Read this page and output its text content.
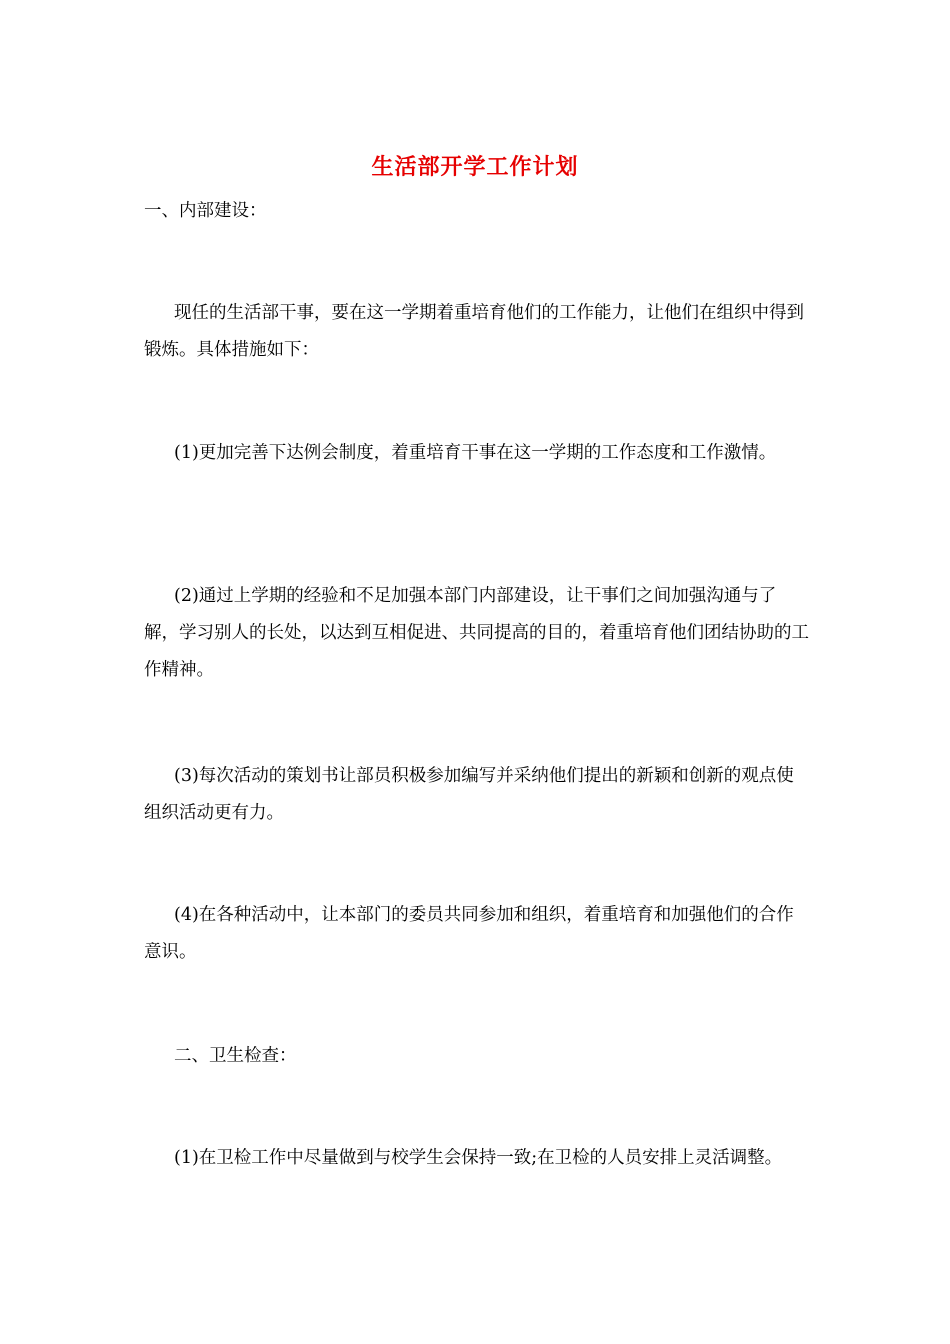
生活部开学工作计划
一、内部建设：
现任的生活部干事，要在这一学期着重培育他们的工作能力，让他们在组织中得到锻炼。具体措施如下：
(1)更加完善下达例会制度，着重培育干事在这一学期的工作态度和工作激情。
(2)通过上学期的经验和不足加强本部门内部建设，让干事们之间加强沟通与了解，学习别人的长处，以达到互相促进、共同提高的目的，着重培育他们团结协助的工作精神。
(3)每次活动的策划书让部员积极参加编写并采纳他们提出的新颖和创新的观点使组织活动更有力。
(4)在各种活动中，让本部门的委员共同参加和组织，着重培育和加强他们的合作意识。
二、卫生检查：
(1)在卫检工作中尽量做到与校学生会保持一致;在卫检的人员安排上灵活调整。
